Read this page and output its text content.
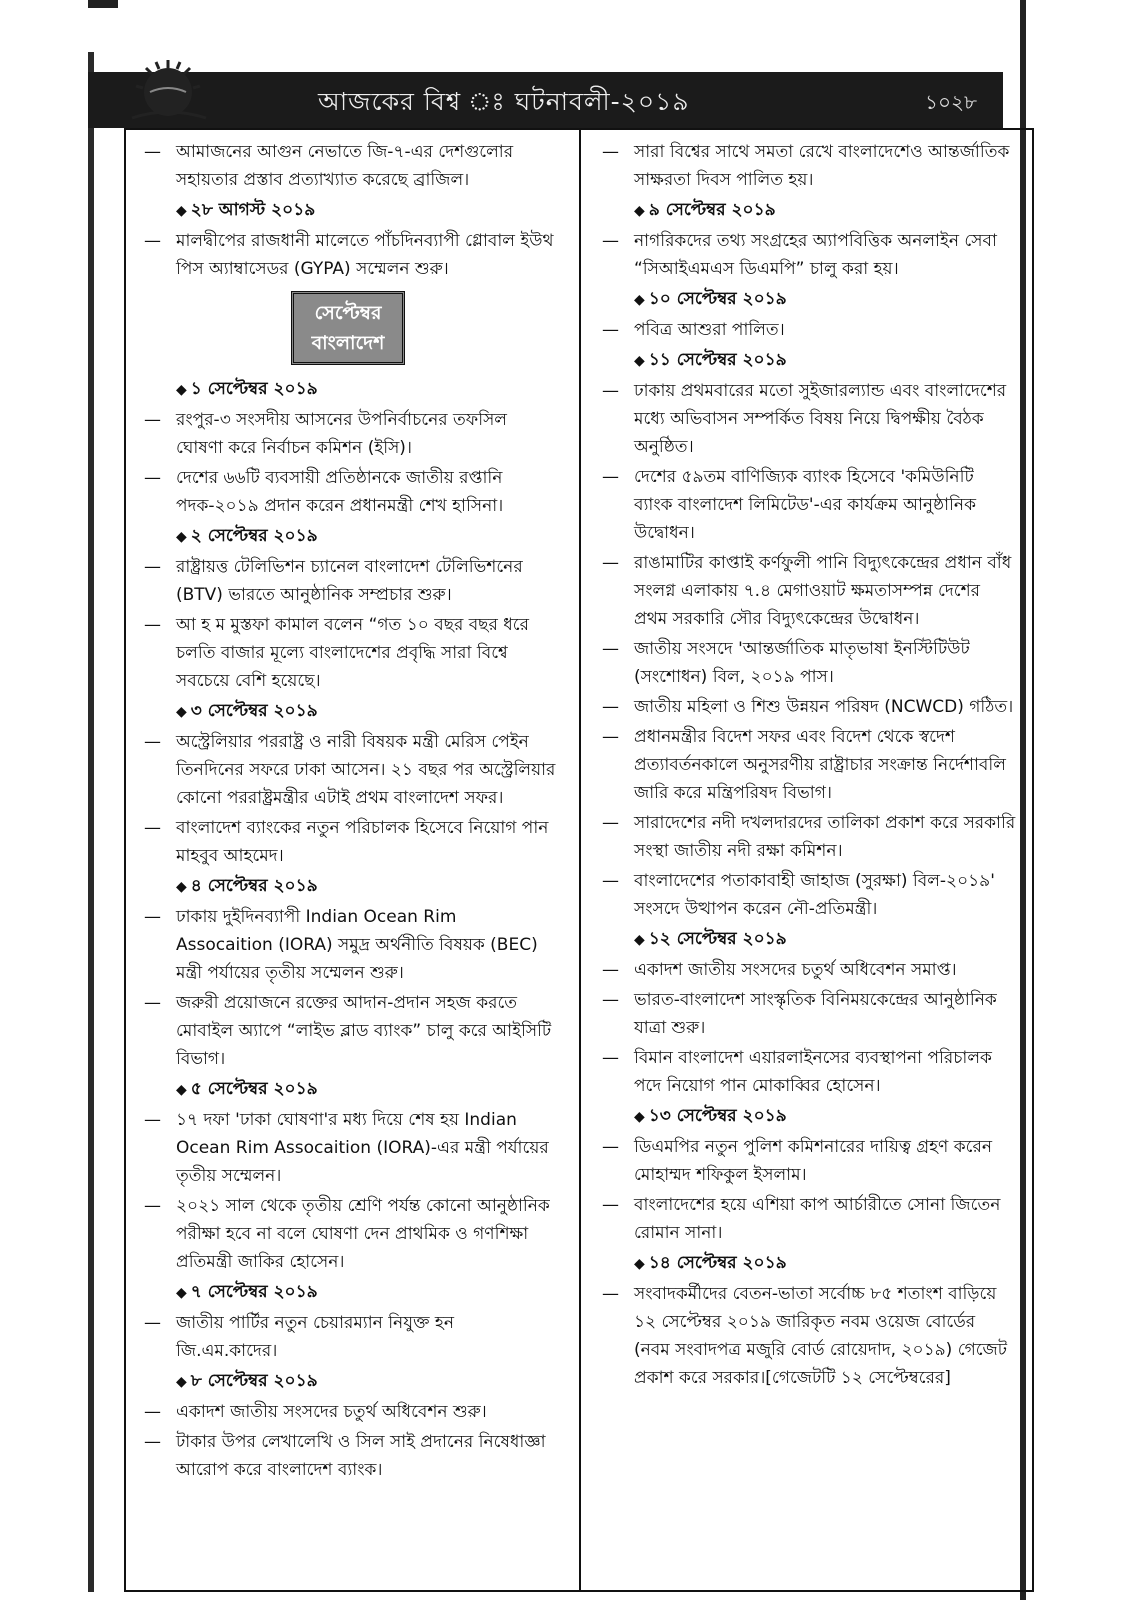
আজকের বিশ্ব ঃ ঘটনাবলী-২০১৯	১০২৮
— আমাজনের আগুন নেভাতে জি-৭-এর দেশগুলোর সহায়তার প্রস্তাব প্রত্যাখ্যাত করেছে ব্রাজিল।
◆ ২৮ আগস্ট ২০১৯
— মালদ্বীপের রাজধানী মালেতে পাঁচদিনব্যাপী গ্লোবাল ইউথ পিস অ্যাম্বাসেডর (GYPA) সম্মেলন শুরু।
সেপ্টেম্বর
বাংলাদেশ
◆ ১ সেপ্টেম্বর ২০১৯
— রংপুর-৩ সংসদীয় আসনের উপনির্বাচনের তফসিল ঘোষণা করে নির্বাচন কমিশন (ইসি)।
— দেশের ৬৬টি ব্যবসায়ী প্রতিষ্ঠানকে জাতীয় রপ্তানি পদক-২০১৯ প্রদান করেন প্রধানমন্ত্রী শেখ হাসিনা।
◆ ২ সেপ্টেম্বর ২০১৯
— রাষ্ট্রায়ত্ত টেলিভিশন চ্যানেল বাংলাদেশ টেলিভিশনের (BTV) ভারতে আনুষ্ঠানিক সম্প্রচার শুরু।
— আ হ ম মুস্তফা কামাল বলেন “গত ১০ বছর বছর ধরে চলতি বাজার মূল্যে বাংলাদেশের প্রবৃদ্ধি সারা বিশ্বে সবচেয়ে বেশি হয়েছে।
◆ ৩ সেপ্টেম্বর ২০১৯
— অস্ট্রেলিয়ার পররাষ্ট্র ও নারী বিষয়ক মন্ত্রী মেরিস পেইন তিনদিনের সফরে ঢাকা আসেন। ২১ বছর পর অস্ট্রেলিয়ার কোনো পররাষ্ট্রমন্ত্রীর এটাই প্রথম বাংলাদেশ সফর।
— বাংলাদেশ ব্যাংকের নতুন পরিচালক হিসেবে নিয়োগ পান মাহবুব আহমেদ।
◆ ৪ সেপ্টেম্বর ২০১৯
— ঢাকায় দুইদিনব্যাপী Indian Ocean Rim Assocaition (IORA) সমুদ্র অর্থনীতি বিষয়ক (BEC) মন্ত্রী পর্যায়ের তৃতীয় সম্মেলন শুরু।
— জরুরী প্রয়োজনে রক্তের আদান-প্রদান সহজ করতে মোবাইল অ্যাপে “লাইভ ব্লাড ব্যাংক” চালু করে আইসিটি বিভাগ।
◆ ৫ সেপ্টেম্বর ২০১৯
— ১৭ দফা 'ঢাকা ঘোষণা'র মধ্য দিয়ে শেষ হয় Indian Ocean Rim Assocaition (IORA)-এর মন্ত্রী পর্যায়ের তৃতীয় সম্মেলন।
— ২০২১ সাল থেকে তৃতীয় শ্রেণি পর্যন্ত কোনো আনুষ্ঠানিক পরীক্ষা হবে না বলে ঘোষণা দেন প্রাথমিক ও গণশিক্ষা প্রতিমন্ত্রী জাকির হোসেন।
◆ ৭ সেপ্টেম্বর ২০১৯
— জাতীয় পার্টির নতুন চেয়ারম্যান নিযুক্ত হন জি.এম.কাদের।
◆ ৮ সেপ্টেম্বর ২০১৯
— একাদশ জাতীয় সংসদের চতুর্থ অধিবেশন শুরু।
— টাকার উপর লেখালেখি ও সিল সাই প্রদানের নিষেধাজ্ঞা আরোপ করে বাংলাদেশ ব্যাংক।
— সারা বিশ্বের সাথে সমতা রেখে বাংলাদেশেও আন্তর্জাতিক সাক্ষরতা দিবস পালিত হয়।
◆ ৯ সেপ্টেম্বর ২০১৯
— নাগরিকদের তথ্য সংগ্রহের অ্যাপবিত্তিক অনলাইন সেবা “সিআইএমএস ডিএমপি” চালু করা হয়।
◆ ১০ সেপ্টেম্বর ২০১৯
— পবিত্র আশুরা পালিত।
◆ ১১ সেপ্টেম্বর ২০১৯
— ঢাকায় প্রথমবারের মতো সুইজারল্যান্ড এবং বাংলাদেশের মধ্যে অভিবাসন সম্পর্কিত বিষয় নিয়ে দ্বিপক্ষীয় বৈঠক অনুষ্ঠিত।
— দেশের ৫৯তম বাণিজ্যিক ব্যাংক হিসেবে 'কমিউনিটি ব্যাংক বাংলাদেশ লিমিটেড'-এর কার্যক্রম আনুষ্ঠানিক উদ্বোধন।
— রাঙামাটির কাপ্তাই কর্ণফুলী পানি বিদ্যুৎকেন্দ্রের প্রধান বাঁধ সংলগ্ন এলাকায় ৭.৪ মেগাওয়াট ক্ষমতাসম্পন্ন দেশের প্রথম সরকারি সৌর বিদ্যুৎকেন্দ্রের উদ্বোধন।
— জাতীয় সংসদে 'আন্তর্জাতিক মাতৃভাষা ইনস্টিটিউট (সংশোধন) বিল, ২০১৯ পাস।
— জাতীয় মহিলা ও শিশু উন্নয়ন পরিষদ (NCWCD) গঠিত।
— প্রধানমন্ত্রীর বিদেশ সফর এবং বিদেশ থেকে স্বদেশ প্রত্যাবর্তনকালে অনুসরণীয় রাষ্ট্রাচার সংক্রান্ত নির্দেশাবলি জারি করে মন্ত্রিপরিষদ বিভাগ।
— সারাদেশের নদী দখলদারদের তালিকা প্রকাশ করে সরকারি সংস্থা জাতীয় নদী রক্ষা কমিশন।
— বাংলাদেশের পতাকাবাহী জাহাজ (সুরক্ষা) বিল-২০১৯' সংসদে উত্থাপন করেন নৌ-প্রতিমন্ত্রী।
◆ ১২ সেপ্টেম্বর ২০১৯
— একাদশ জাতীয় সংসদের চতুর্থ অধিবেশন সমাপ্ত।
— ভারত-বাংলাদেশ সাংস্কৃতিক বিনিময়কেন্দ্রের আনুষ্ঠানিক যাত্রা শুরু।
— বিমান বাংলাদেশ এয়ারলাইনসের ব্যবস্থাপনা পরিচালক পদে নিয়োগ পান মোকাব্বির হোসেন।
◆ ১৩ সেপ্টেম্বর ২০১৯
— ডিএমপির নতুন পুলিশ কমিশনারের দায়িত্ব গ্রহণ করেন মোহাম্মদ শফিকুল ইসলাম।
— বাংলাদেশের হয়ে এশিয়া কাপ আর্চারীতে সোনা জিতেন রোমান সানা।
◆ ১৪ সেপ্টেম্বর ২০১৯
— সংবাদকর্মীদের বেতন-ভাতা সর্বোচ্চ ৮৫ শতাংশ বাড়িয়ে ১২ সেপ্টেম্বর ২০১৯ জারিকৃত নবম ওয়েজ বোর্ডের (নবম সংবাদপত্র মজুরি বোর্ড রোয়েদাদ, ২০১৯) গেজেট প্রকাশ করে সরকার।[গেজেটটি ১২ সেপ্টেম্বরের]
